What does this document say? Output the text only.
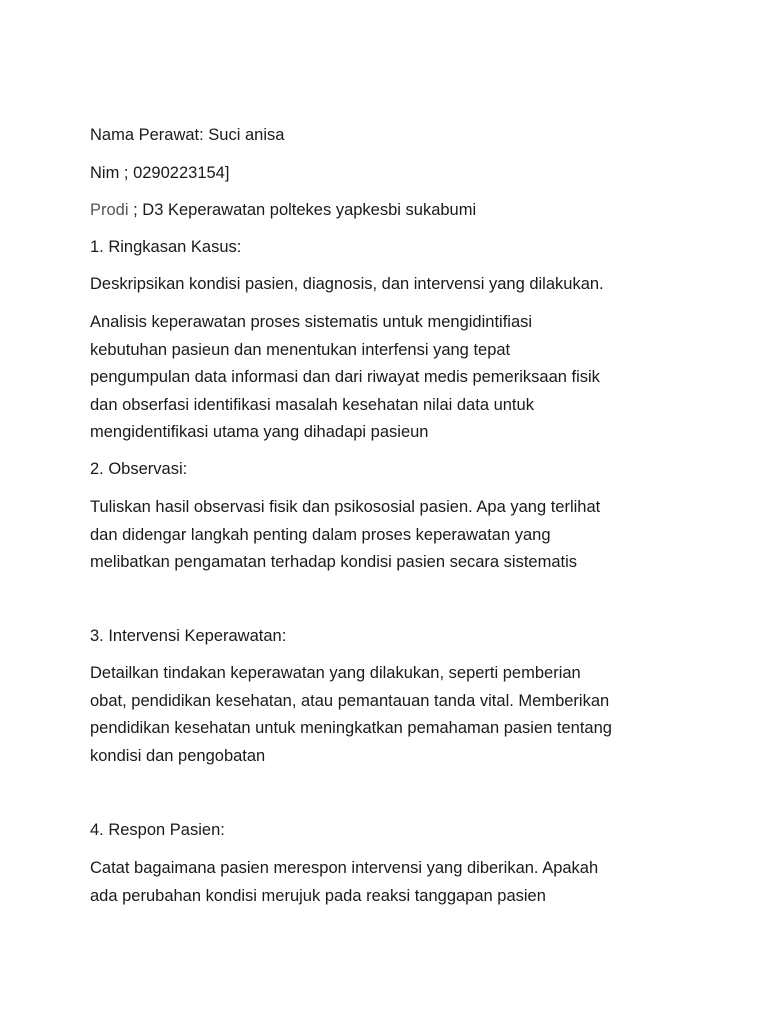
Nama Perawat: Suci anisa

Nim ; 0290223154]

Prodi ; D3 Keperawatan poltekes yapkesbi sukabumi

1. Ringkasan Kasus:

Deskripsikan kondisi pasien, diagnosis, dan intervensi yang dilakukan.

Analisis keperawatan proses sistematis untuk mengidintifiasi
kebutuhan pasieun dan menentukan interfensi yang tepat
pengumpulan data informasi dan dari riwayat medis pemeriksaan fisik
dan obserfasi identifikasi masalah kesehatan nilai data untuk
mengidentifikasi utama yang dihadapi pasieun

2. Observasi:

Tuliskan hasil observasi fisik dan psikososial pasien. Apa yang terlihat
dan didengar langkah penting dalam proses keperawatan yang
melibatkan pengamatan terhadap kondisi pasien secara sistematis

3. Intervensi Keperawatan:

Detailkan tindakan keperawatan yang dilakukan, seperti pemberian
obat, pendidikan kesehatan, atau pemantauan tanda vital. Memberikan
pendidikan kesehatan untuk meningkatkan pemahaman pasien tentang
kondisi dan pengobatan

4. Respon Pasien:

Catat bagaimana pasien merespon intervensi yang diberikan. Apakah
ada perubahan kondisi merujuk pada reaksi tanggapan pasien
